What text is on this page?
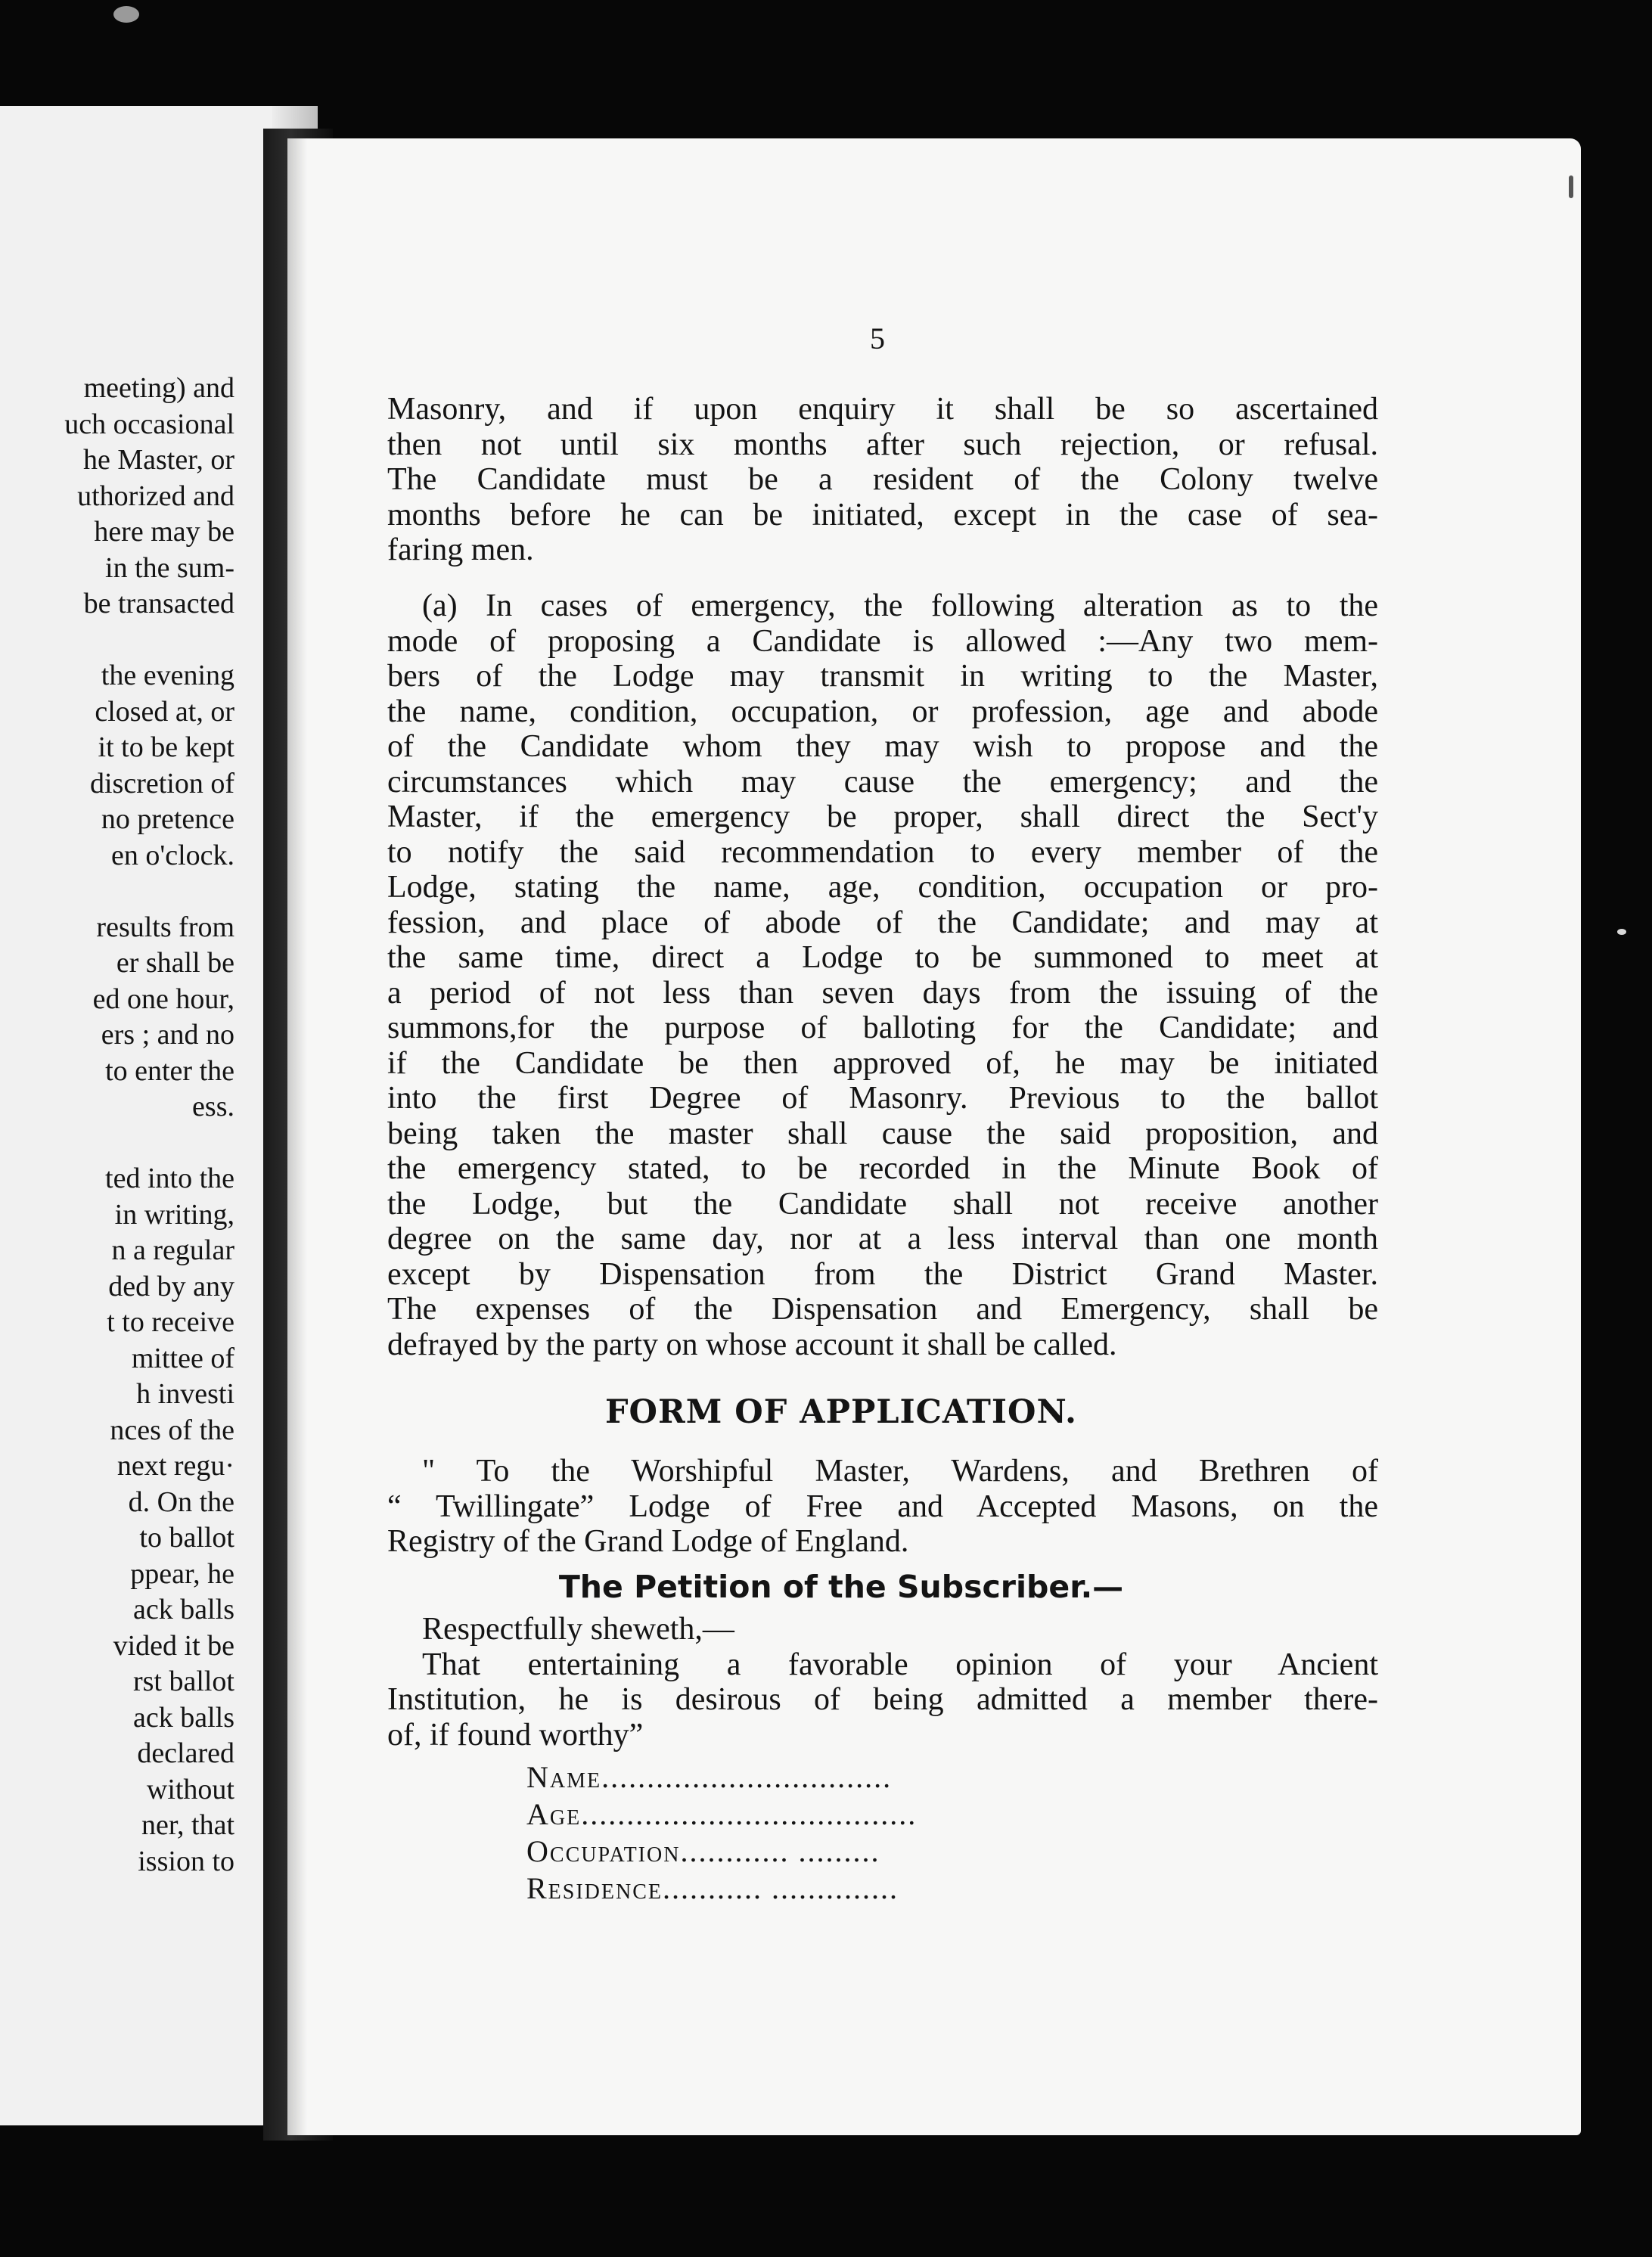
meeting) and
uch occasional
he Master, or
uthorized and
here may be
in the sum-
be transacted
the evening
closed at, or
it to be kept
discretion of
no pretence
en o'clock.
results from
er shall be
ed one hour,
ers ; and no
to enter the
ess.
ted into the
in writing,
n a regular
ded by any
t to receive
mittee of
h investi
nces of the
next regu·
d. On the
to ballot
ppear, he
ack balls
vided it be
rst ballot
ack balls
declared
without
ner, that
ission to
5
Masonry, and if upon enquiry it shall be so ascertained
then not until six months after such rejection, or refusal.
The Candidate must be a resident of the Colony twelve
months before he can be initiated, except in the case of sea-
faring men.
(a) In cases of emergency, the following alteration as to the
mode of proposing a Candidate is allowed :—Any two mem-
bers of the Lodge may transmit in writing to the Master,
the name, condition, occupation, or profession, age and abode
of the Candidate whom they may wish to propose and the
circumstances which may cause the emergency; and the
Master, if the emergency be proper, shall direct the Sect'y
to notify the said recommendation to every member of the
Lodge, stating the name, age, condition, occupation or pro-
fession, and place of abode of the Candidate; and may at
the same time, direct a Lodge to be summoned to meet at
a period of not less than seven days from the issuing of the
summons,for the purpose of balloting for the Candidate; and
if the Candidate be then approved of, he may be initiated
into the first Degree of Masonry. Previous to the ballot
being taken the master shall cause the said proposition, and
the emergency stated, to be recorded in the Minute Book of
the Lodge, but the Candidate shall not receive another
degree on the same day, nor at a less interval than one month
except by Dispensation from the District Grand Master.
The expenses of the Dispensation and Emergency, shall be
defrayed by the party on whose account it shall be called.
FORM OF APPLICATION.
" To the Worshipful Master, Wardens, and Brethren of
“ Twillingate” Lodge of Free and Accepted Masons, on the
Registry of the Grand Lodge of England.
The Petition of the Subscriber.—
Respectfully sheweth,—
That entertaining a favorable opinion of your Ancient
Institution, he is desirous of being admitted a member there-
of, if found worthy”
Name................................
Age.....................................
Occupation............ .........
Residence........... ..............
